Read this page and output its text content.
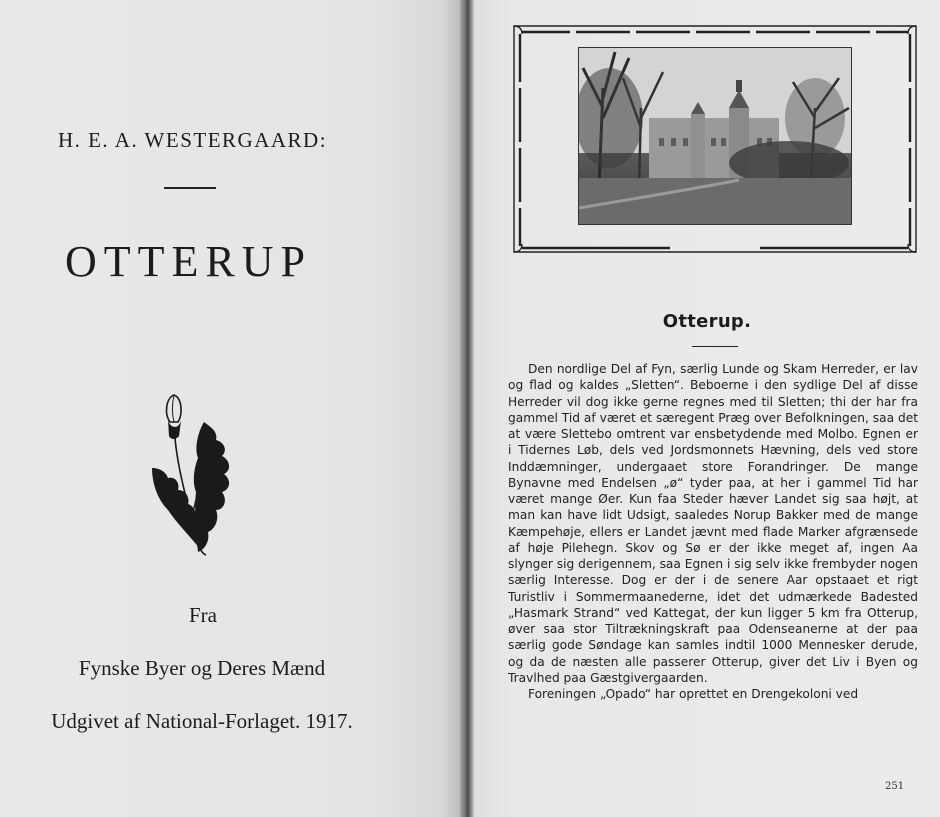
H. E. A. WESTERGAARD:
OTTERUP
Fra
Fynske Byer og Deres Mænd
Udgivet af National-Forlaget. 1917.
Otterup.

Den nordlige Del af Fyn, særlig Lunde og Skam Herreder, er lav og flad og kaldes „Sletten“. Beboerne i den sydlige Del af disse Herreder vil dog ikke gerne regnes med til Sletten; thi der har fra gammel Tid af været et særegent Præg over Befolkningen, saa det at være Slettebo omtrent var ensbetydende med Molbo. Egnen er i Tidernes Løb, dels ved Jordsmonnets Hævning, dels ved store Inddæmninger, undergaaet store Forandringer. De mange Bynavne med Endelsen „ø“ tyder paa, at her i gammel Tid har været mange Øer. Kun faa Steder hæver Landet sig saa højt, at man kan have lidt Udsigt, saaledes Norup Bakker med de mange Kæmpehøje, ellers er Landet jævnt med flade Marker afgrænsede af høje Pilehegn. Skov og Sø er der ikke meget af, ingen Aa slynger sig derigennem, saa Egnen i sig selv ikke frembyder nogen særlig Interesse. Dog er der i de senere Aar opstaaet et rigt Turistliv i Sommermaanederne, idet det udmærkede Badested „Hasmark Strand“ ved Kattegat, der kun ligger 5 km fra Otterup, øver saa stor Tiltrækningskraft paa Odenseanerne at der paa særlig gode Søndage kan samles indtil 1000 Mennesker derude, og da de næsten alle passerer Otterup, giver det Liv i Byen og Travlhed paa Gæstgivergaarden.

Foreningen „Opado“ har oprettet en Drengekoloni ved

251
